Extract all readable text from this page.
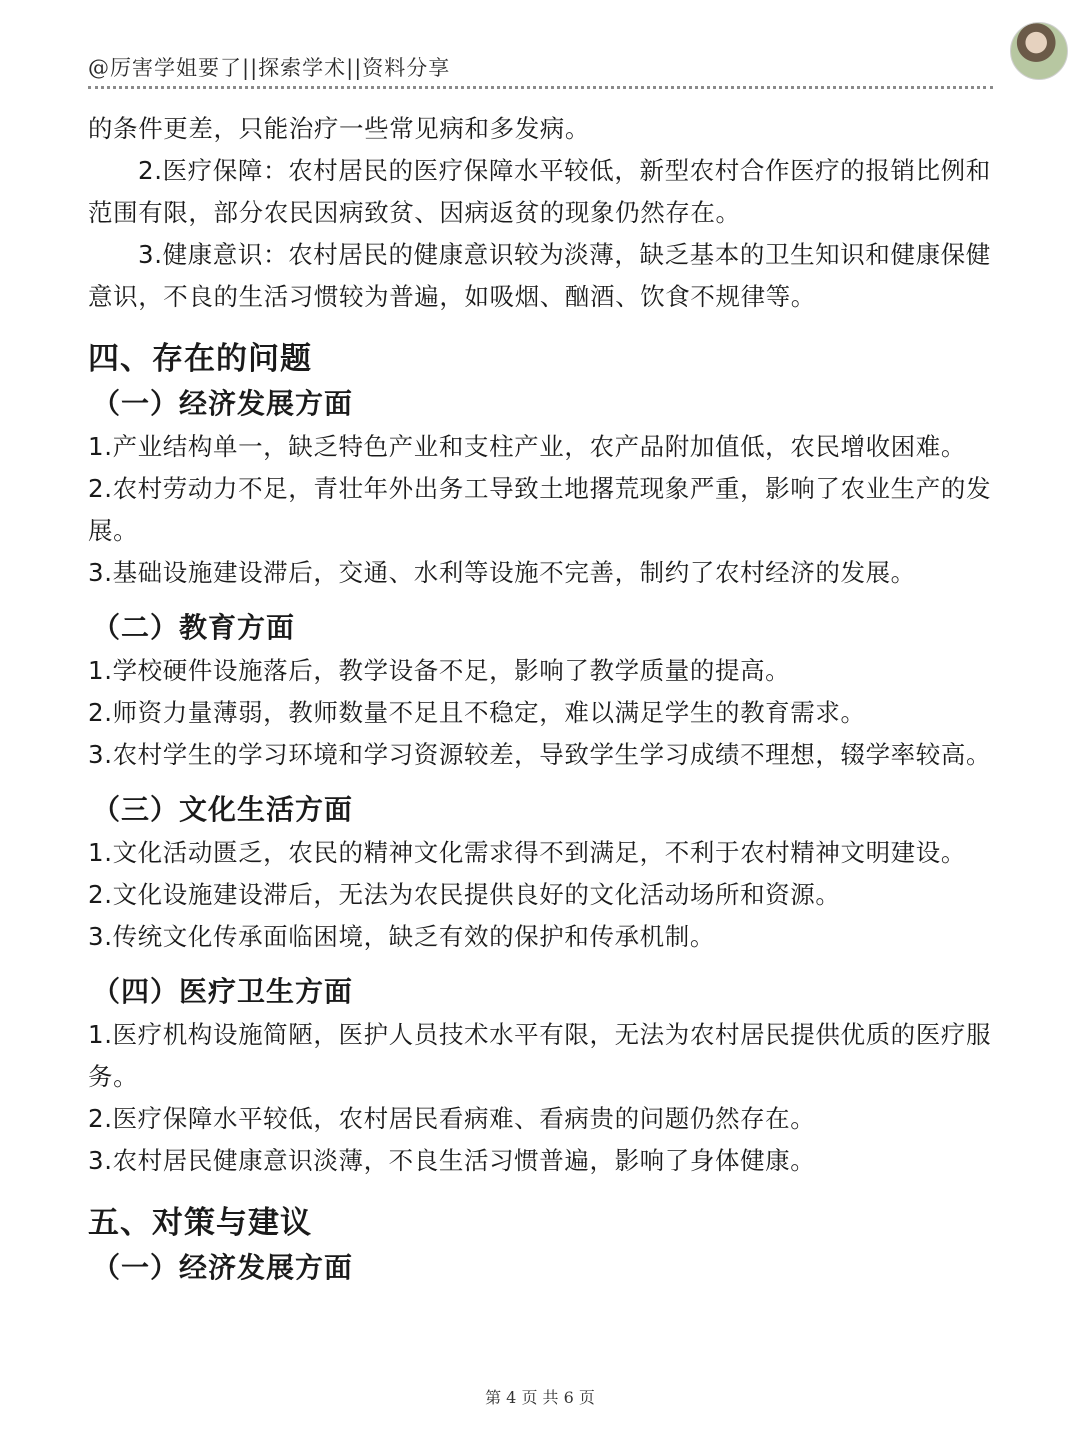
@厉害学姐要了||探索学术||资料分享

的条件更差，只能治疗一些常见病和多发病。

2.医疗保障：农村居民的医疗保障水平较低，新型农村合作医疗的报销比例和范围有限，部分农民因病致贫、因病返贫的现象仍然存在。

3.健康意识：农村居民的健康意识较为淡薄，缺乏基本的卫生知识和健康保健意识，不良的生活习惯较为普遍，如吸烟、酗酒、饮食不规律等。

四、存在的问题
（一）经济发展方面

1.产业结构单一，缺乏特色产业和支柱产业，农产品附加值低，农民增收困难。

2.农村劳动力不足，青壮年外出务工导致土地撂荒现象严重，影响了农业生产的发展。

3.基础设施建设滞后，交通、水利等设施不完善，制约了农村经济的发展。

（二）教育方面

1.学校硬件设施落后，教学设备不足，影响了教学质量的提高。

2.师资力量薄弱，教师数量不足且不稳定，难以满足学生的教育需求。

3.农村学生的学习环境和学习资源较差，导致学生学习成绩不理想，辍学率较高。

（三）文化生活方面

1.文化活动匮乏，农民的精神文化需求得不到满足，不利于农村精神文明建设。

2.文化设施建设滞后，无法为农民提供良好的文化活动场所和资源。

3.传统文化传承面临困境，缺乏有效的保护和传承机制。

（四）医疗卫生方面

1.医疗机构设施简陋，医护人员技术水平有限，无法为农村居民提供优质的医疗服务。

2.医疗保障水平较低，农村居民看病难、看病贵的问题仍然存在。

3.农村居民健康意识淡薄，不良生活习惯普遍，影响了身体健康。

五、对策与建议
（一）经济发展方面
第 4 页 共 6 页
